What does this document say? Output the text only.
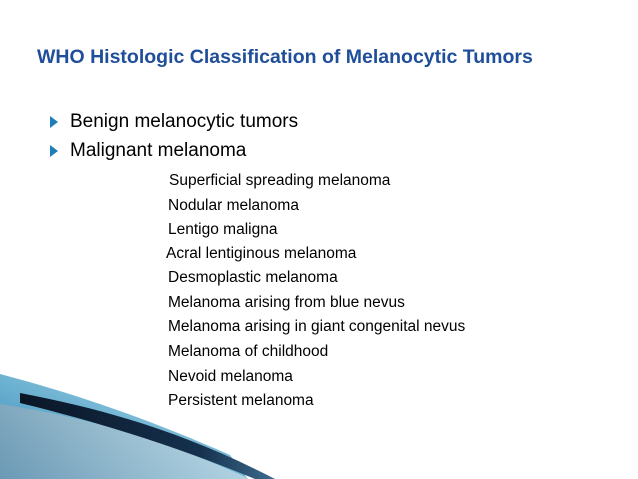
WHO Histologic Classification of Melanocytic Tumors
Benign melanocytic tumors
Malignant melanoma
Superficial spreading melanoma
Nodular melanoma
Lentigo maligna
Acral lentiginous melanoma
Desmoplastic melanoma
Melanoma arising from blue nevus
Melanoma arising in giant congenital nevus
Melanoma of childhood
Nevoid melanoma
Persistent melanoma
